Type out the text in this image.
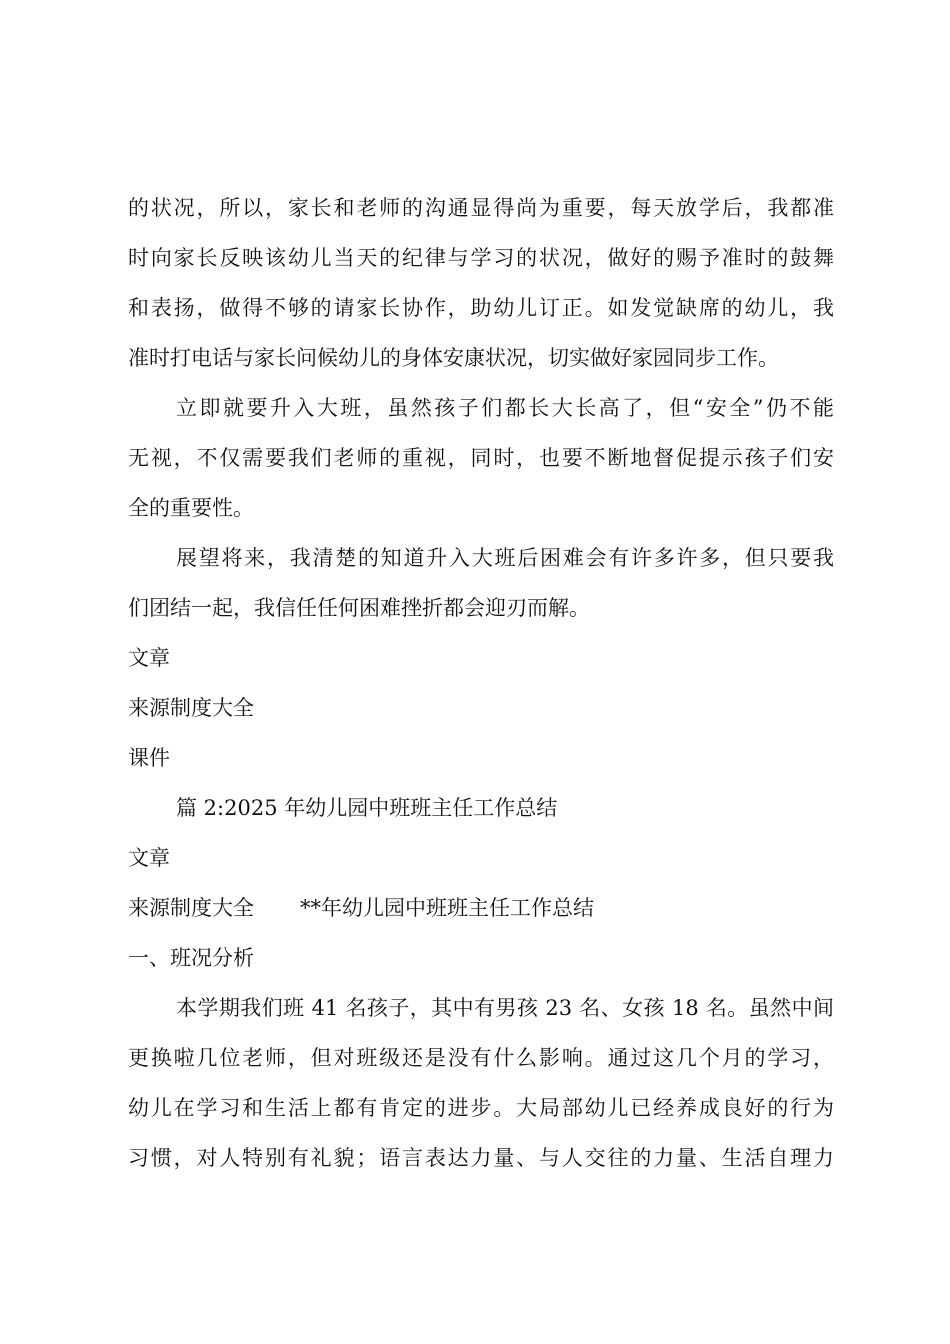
的状况，所以，家长和老师的沟通显得尚为重要，每天放学后，我都准
时向家长反映该幼儿当天的纪律与学习的状况，做好的赐予准时的鼓舞
和表扬，做得不够的请家长协作，助幼儿订正。如发觉缺席的幼儿，我
准时打电话与家长问候幼儿的身体安康状况，切实做好家园同步工作。
立即就要升入大班，虽然孩子们都长大长高了，但“安全”仍不能
无视，不仅需要我们老师的重视，同时，也要不断地督促提示孩子们安
全的重要性。
展望将来，我清楚的知道升入大班后困难会有许多许多，但只要我
们团结一起，我信任任何困难挫折都会迎刃而解。
文章
来源制度大全
课件
篇 2:2025 年幼儿园中班班主任工作总结
文章
来源制度大全 **年幼儿园中班班主任工作总结
一、班况分析
本学期我们班 41 名孩子，其中有男孩 23 名、女孩 18 名。虽然中间
更换啦几位老师，但对班级还是没有什么影响。通过这几个月的学习，
幼儿在学习和生活上都有肯定的进步。大局部幼儿已经养成良好的行为
习惯，对人特别有礼貌；语言表达力量、与人交往的力量、生活自理力
